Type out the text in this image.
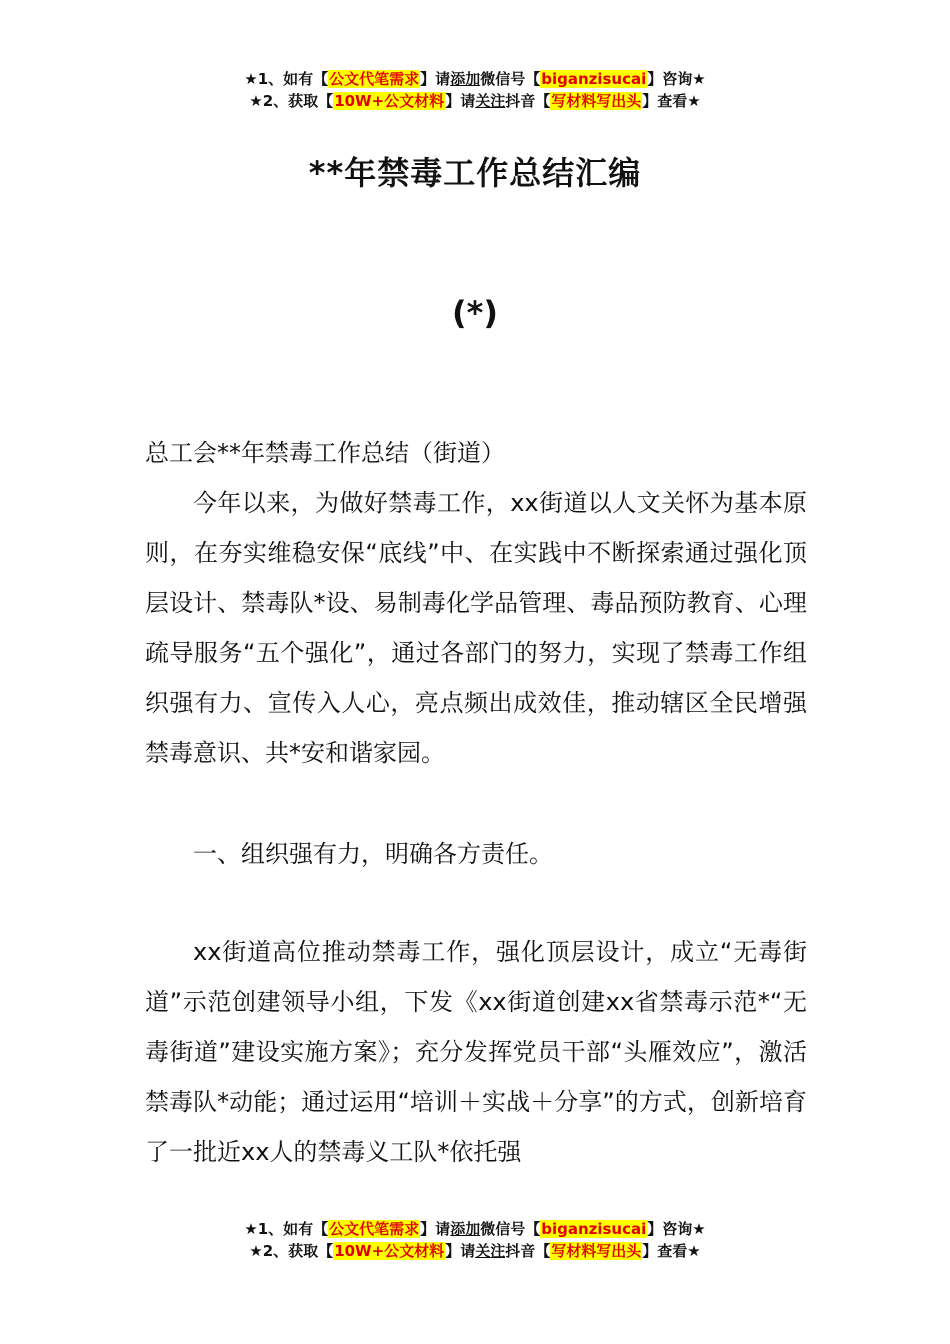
★1、如有【公文代笔需求】请添加微信号【biganzisucai】咨询★
★2、获取【10W+公文材料】请关注抖音【写材料写出头】查看★
**年禁毒工作总结汇编
(*)

总工会**年禁毒工作总结（街道）

今年以来，为做好禁毒工作，xx街道以人文关怀为基本原则，在夯实维稳安保“底线”中、在实践中不断探索通过强化顶层设计、禁毒队*设、易制毒化学品管理、毒品预防教育、心理疏导服务“五个强化”，通过各部门的努力，实现了禁毒工作组织强有力、宣传入人心，亮点频出成效佳，推动辖区全民增强禁毒意识、共*安和谐家园。

一、组织强有力，明确各方责任。

xx街道高位推动禁毒工作，强化顶层设计，成立“无毒街道”示范创建领导小组，下发《xx街道创建xx省禁毒示范*“无毒街道”建设实施方案》；充分发挥党员干部“头雁效应”，激活禁毒队*动能；通过运用“培训＋实战＋分享”的方式，创新培育了一批近xx人的禁毒义工队*依托强

★1、如有【公文代笔需求】请添加微信号【biganzisucai】咨询★
★2、获取【10W+公文材料】请关注抖音【写材料写出头】查看★
